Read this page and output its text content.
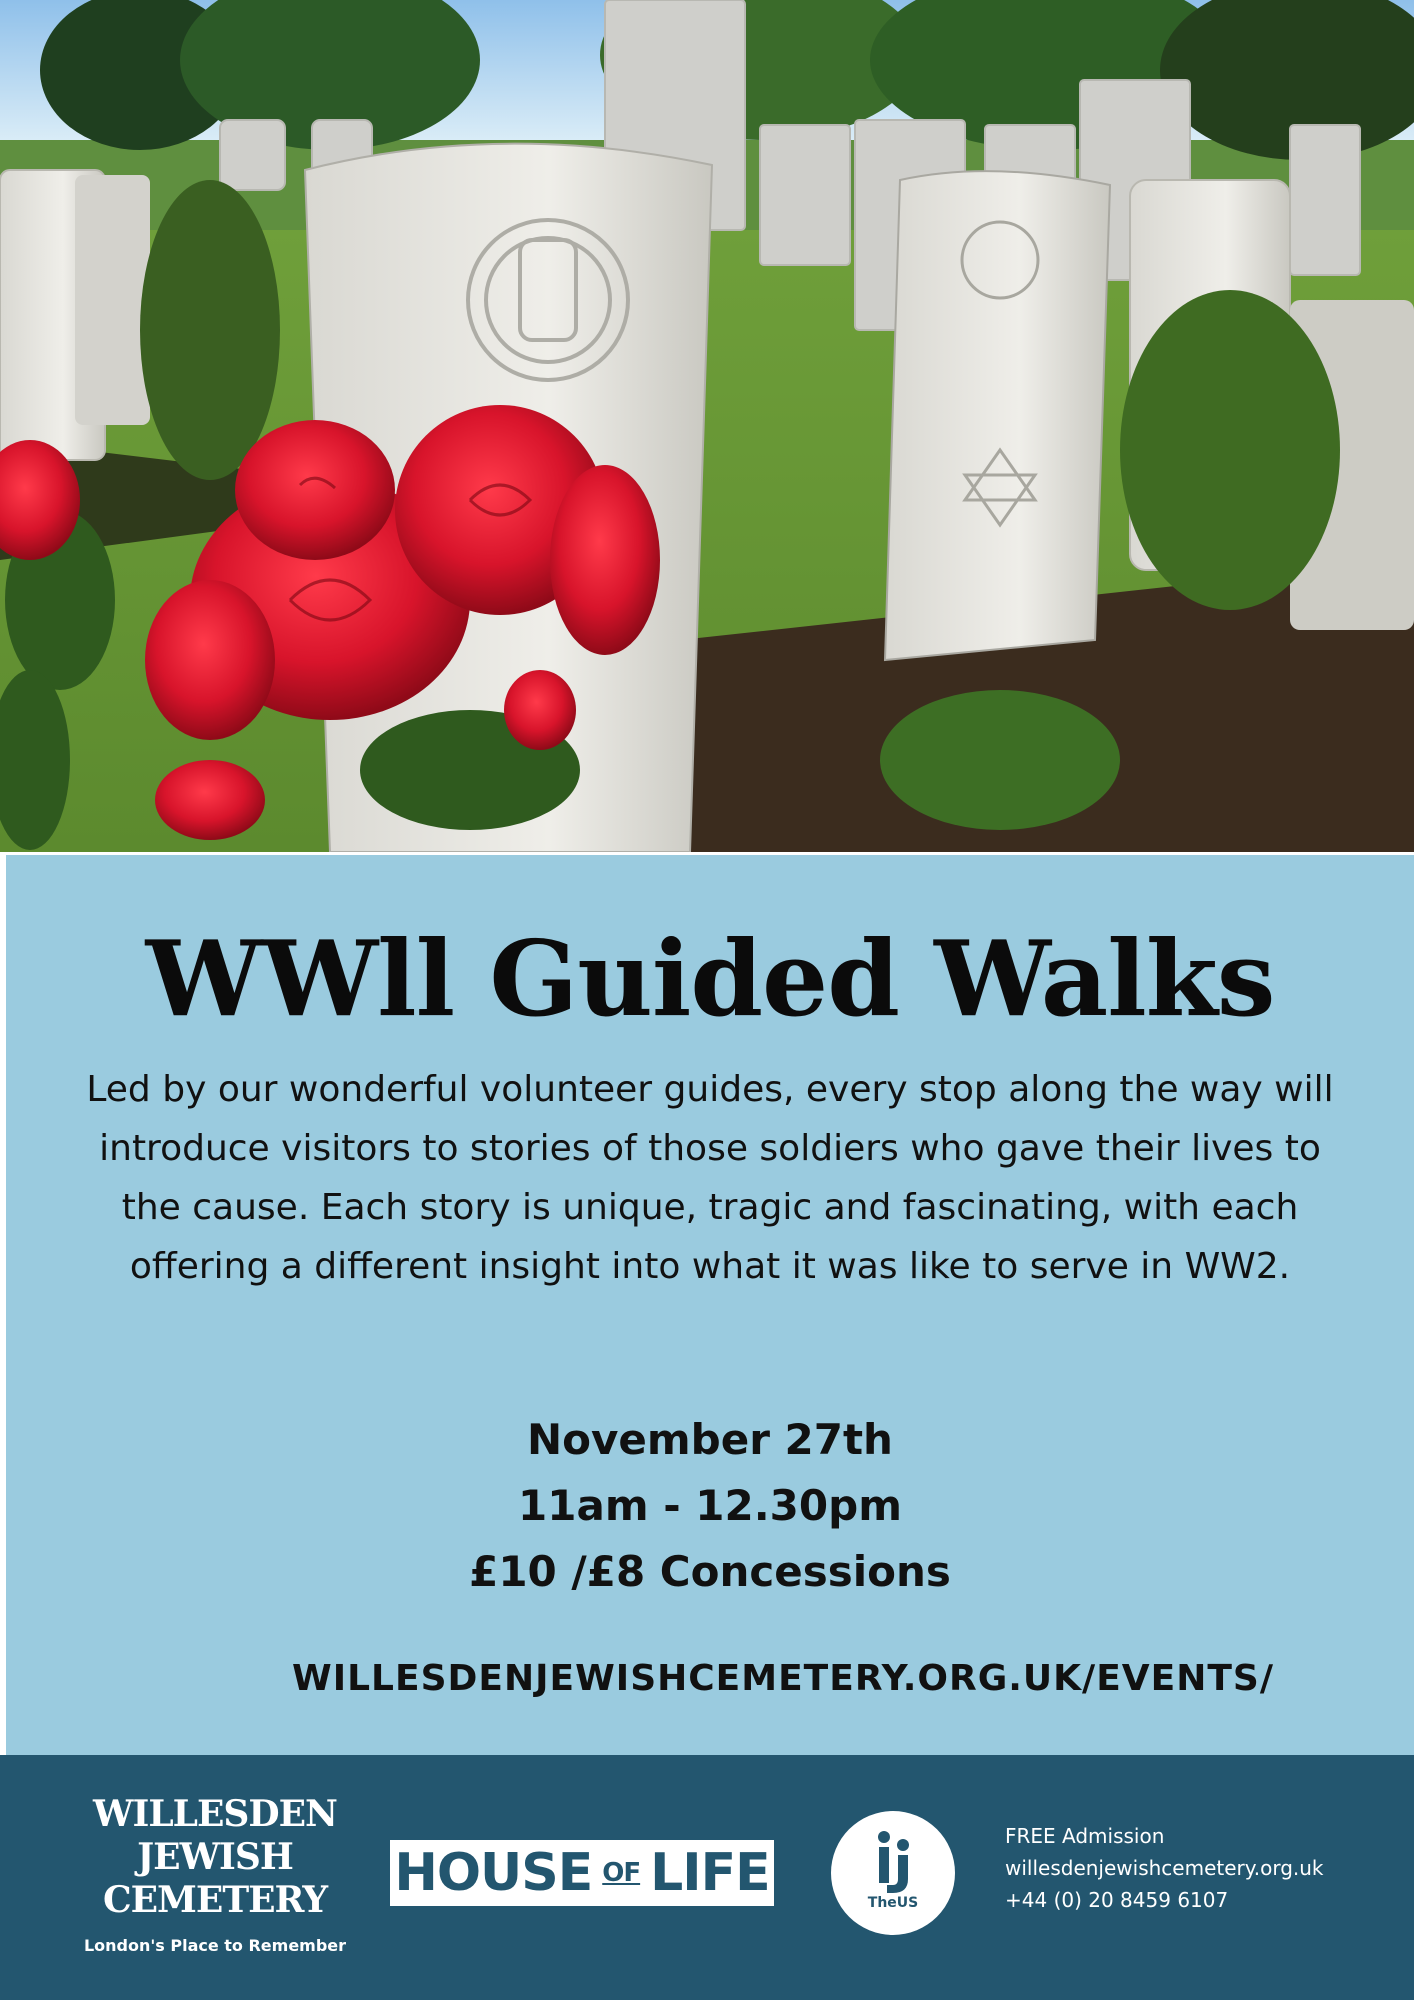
WWll Guided Walks

Led by our wonderful volunteer guides, every stop along the way will introduce visitors to stories of those soldiers who gave their lives to the cause. Each story is unique, tragic and fascinating, with each offering a different insight into what it was like to serve in WW2.

November 27th
11am - 12.30pm
£10 /£8 Concessions
WILLESDENJEWISHCEMETERY.ORG.UK/EVENTS/
WILLESDEN
JEWISH
CEMETERY
London's Place to Remember
HOUSE OF LIFE	TheUS
FREE Admission
willesdenjewishcemetery.org.uk
+44 (0) 20 8459 6107
